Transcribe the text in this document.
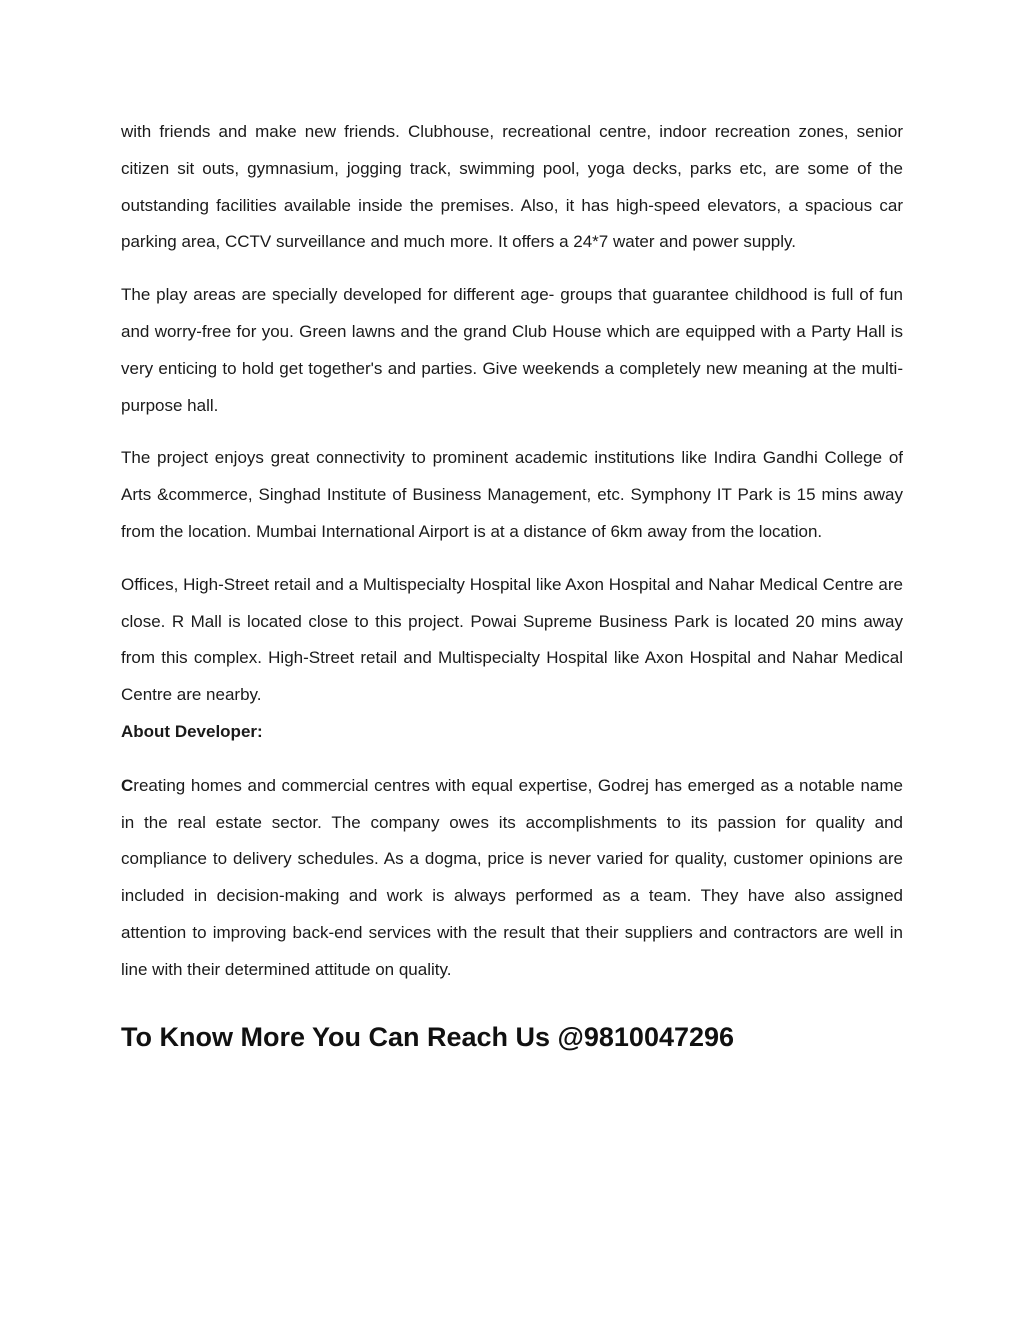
with friends and make new friends. Clubhouse, recreational centre, indoor recreation zones, senior citizen sit outs, gymnasium, jogging track, swimming pool, yoga decks, parks etc, are some of the outstanding facilities available inside the premises. Also, it has high-speed elevators, a spacious car parking area, CCTV surveillance and much more. It offers a 24*7 water and power supply.

The play areas are specially developed for different age- groups that guarantee childhood is full of fun and worry-free for you. Green lawns and the grand Club House which are equipped with a Party Hall is very enticing to hold get together's and parties. Give weekends a completely new meaning at the multi-purpose hall.

The project enjoys great connectivity to prominent academic institutions like Indira Gandhi College of Arts &commerce, Singhad Institute of Business Management, etc. Symphony IT Park is 15 mins away from the location. Mumbai International Airport is at a distance of 6km away from the location.

Offices, High-Street retail and a Multispecialty Hospital like Axon Hospital and Nahar Medical Centre are close. R Mall is located close to this project. Powai Supreme Business Park is located 20 mins away from this complex. High-Street retail and Multispecialty Hospital like Axon Hospital and Nahar Medical Centre are nearby.

About Developer:

Creating homes and commercial centres with equal expertise, Godrej has emerged as a notable name in the real estate sector. The company owes its accomplishments to its passion for quality and compliance to delivery schedules. As a dogma, price is never varied for quality, customer opinions are included in decision-making and work is always performed as a team. They have also assigned attention to improving back-end services with the result that their suppliers and contractors are well in line with their determined attitude on quality.

To Know More You Can Reach Us @9810047296
